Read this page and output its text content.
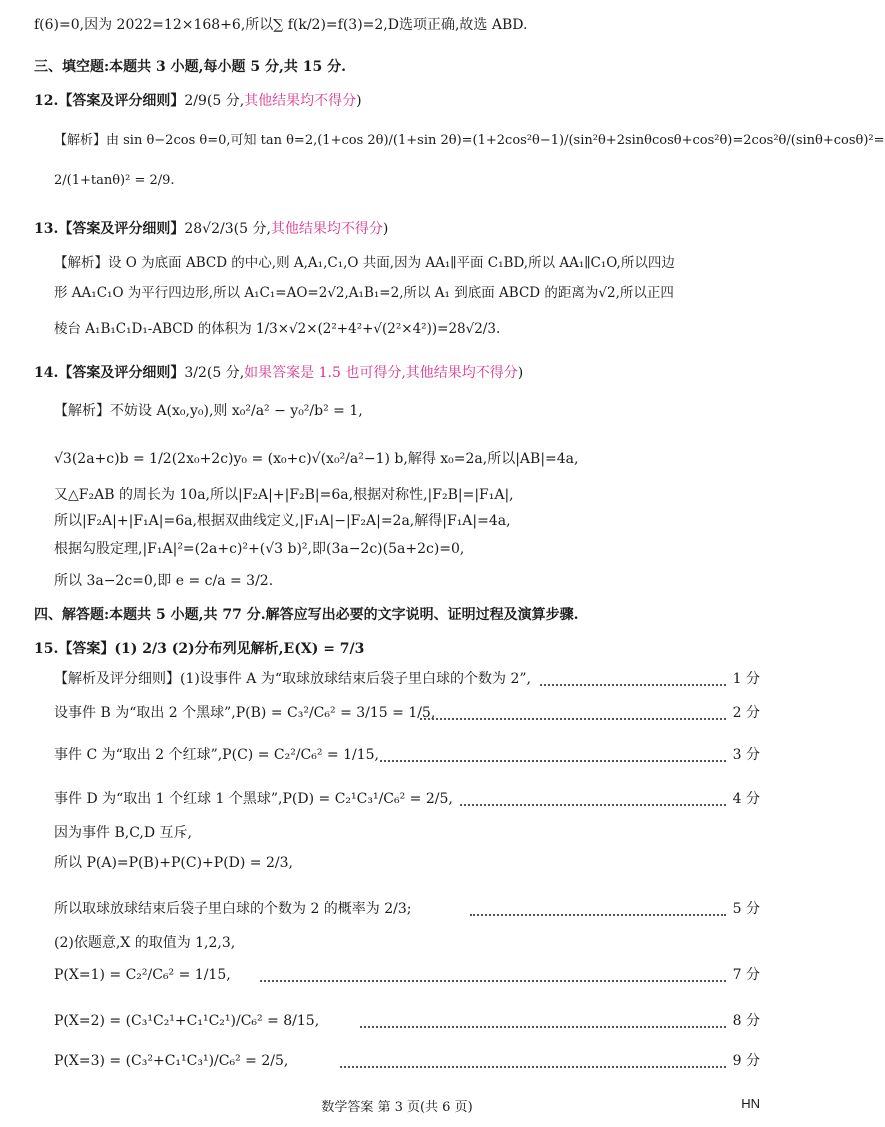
f(6)=0,因为 2022=12×168+6,所以∑ f(k/2)=f(3)=2,D选项正确,故选 ABD.
三、填空题:本题共 3 小题,每小题 5 分,共 15 分.
12.【答案及评分细则】2/9(5 分,其他结果均不得分)
【解析】由 sin θ−2cos θ=0,可知 tan θ=2,(1+cos 2θ)/(1+sin 2θ)=(1+2cos²θ−1)/(sin²θ+2sinθcosθ+cos²θ)=2cos²θ/(sinθ+cosθ)²=
2/(1+tanθ)² = 2/9.
13.【答案及评分细则】28√2/3(5 分,其他结果均不得分)
【解析】设 O 为底面 ABCD 的中心,则 A,A₁,C₁,O 共面,因为 AA₁∥平面 C₁BD,所以 AA₁∥C₁O,所以四边
形 AA₁C₁O 为平行四边形,所以 A₁C₁=AO=2√2,A₁B₁=2,所以 A₁ 到底面 ABCD 的距离为√2,所以正四
棱台 A₁B₁C₁D₁-ABCD 的体积为 1/3×√2×(2²+4²+√(2²×4²))=28√2/3.
14.【答案及评分细则】3/2(5 分,如果答案是 1.5 也可得分,其他结果均不得分)
【解析】不妨设 A(x₀,y₀),则 x₀²/a² − y₀²/b² = 1,
√3(2a+c)b = 1/2(2x₀+2c)y₀ = (x₀+c)√(x₀²/a²−1) b,解得 x₀=2a,所以|AB|=4a,
又△F₂AB 的周长为 10a,所以|F₂A|+|F₂B|=6a,根据对称性,|F₂B|=|F₁A|,
所以|F₂A|+|F₁A|=6a,根据双曲线定义,|F₁A|−|F₂A|=2a,解得|F₁A|=4a,
根据勾股定理,|F₁A|²=(2a+c)²+(√3 b)²,即(3a−2c)(5a+2c)=0,
所以 3a−2c=0,即 e = c/a = 3/2.
四、解答题:本题共 5 小题,共 77 分.解答应写出必要的文字说明、证明过程及演算步骤.
15.【答案】(1) 2/3 (2)分布列见解析,E(X) = 7/3
【解析及评分细则】(1)设事件 A 为“取球放球结束后袋子里白球的个数为 2”,	1 分
设事件 B 为“取出 2 个黑球”,P(B) = C₃²/C₆² = 3/15 = 1/5,	2 分
事件 C 为“取出 2 个红球”,P(C) = C₂²/C₆² = 1/15,	3 分
事件 D 为“取出 1 个红球 1 个黑球”,P(D) = C₂¹C₃¹/C₆² = 2/5,	4 分
因为事件 B,C,D 互斥,
所以 P(A)=P(B)+P(C)+P(D) = 2/3,
所以取球放球结束后袋子里白球的个数为 2 的概率为 2/3;	5 分
(2)依题意,X 的取值为 1,2,3,
P(X=1) = C₂²/C₆² = 1/15,	7 分
P(X=2) = (C₃¹C₂¹+C₁¹C₂¹)/C₆² = 8/15,	8 分
P(X=3) = (C₃²+C₁¹C₃¹)/C₆² = 2/5,	9 分
数学答案 第 3 页(共 6 页)	HN
